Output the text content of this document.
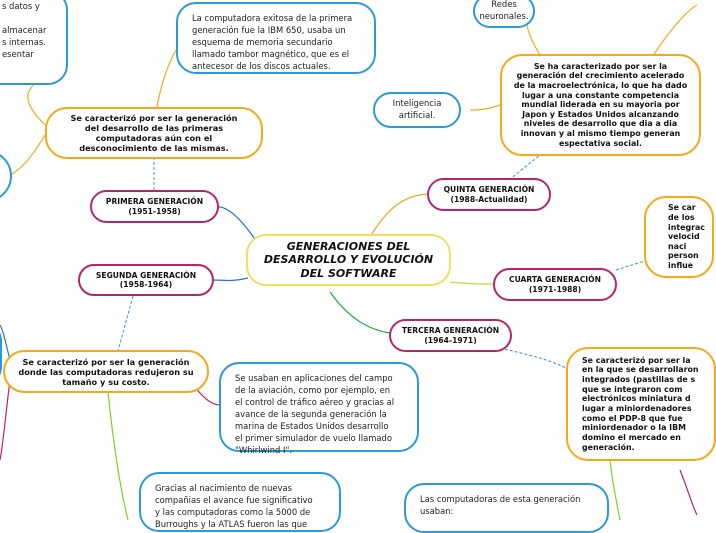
GENERACIONES DEL
DESARROLLO Y EVOLUCIÓN
DEL SOFTWARE
PRIMERA GENERACIÓN
(1951-1958)
SEGUNDA GENERACIÓN
(1958-1964)
TERCERA GENERACIÓN
(1964-1971)
CUARTA GENERACIÓN
(1971-1988)
QUINTA GENERACIÓN
(1988-Actualidad)
Se caracterizó por ser la generación
del desarrollo de las primeras
computadoras aún con el
desconocimiento de las mismas.
Se caracterizó por ser la generación
donde las computadoras redujeron su
tamaño y su costo.
Se ha caracterizado por ser la
generación del crecimiento acelerado
de la macroelectrónica, lo que ha dado
lugar a una constante competencia
mundial liderada en su mayoria por
Japon y Estados Unidos alcanzando
niveles de desarrollo que dia a dia
innovan y al mismo tiempo generan
espectativa social.
Se caracterizó por ser la
en la que se desarrollaron
integrados (pastillas de s
que se integraron com
electrónicos miniatura d
lugar a miniordenadores
como el PDP-8 que fue
miniordenador o la IBM
domino el mercado en
generación.
Se car
de los
integrac
velocid
naci
person
influe
La computadora exitosa de la primera
generación fue la IBM 650, usaba un
esquema de memoria secundario
llamado tambor magnético, que es el
antecesor de los discos actuales.
Se usaban en aplicaciones del campo
de la aviación, como por ejemplo, en
el control de tráfico aéreo y gracias al
avance de la segunda generación la
marina de Estados Unidos desarrollo
el primer simulador de vuelo llamado
"Whirlwind I".
Gracias al nacimiento de nuevas
compañias el avance fue significativo
y las computadoras como la 5000 de
Burroughs y la ATLAS fueron las que
Las computadoras de esta generación
usaban:
s datos y

almacenar
s internas.
esentar
Redes
neuronales.
Inteligencia
artificial.
